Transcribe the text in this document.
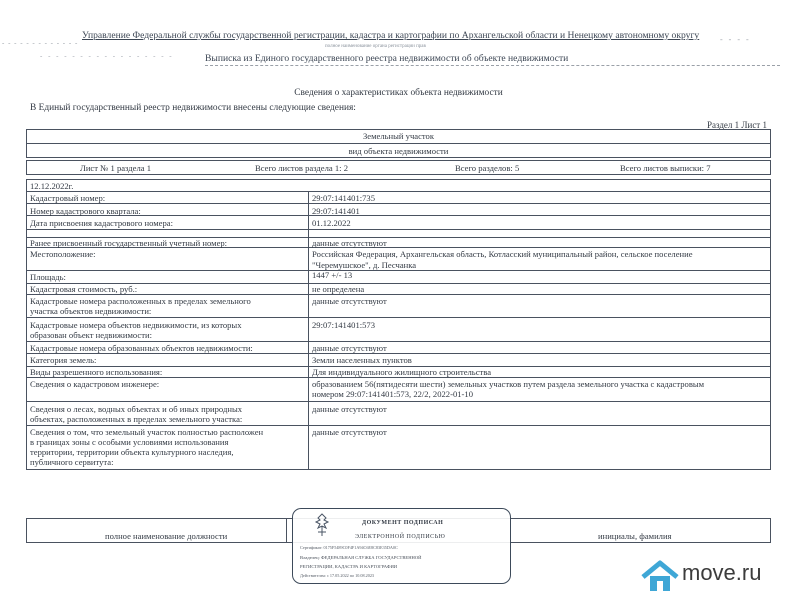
- - - - - - - - - - - - -
Управление Федеральной службы государственной регистрации, кадастра и картографии по Архангельской области и Ненецкому автономному округу	- - - -
полное наименование органа регистрации прав
- - - - - - - - - - - - - - - - -	Выписка из Единого государственного реестра недвижимости об объекте недвижимости
Сведения о характеристиках объекта недвижимости
В Единый государственный реестр недвижимости внесены следующие сведения:
Раздел 1 Лист 1
Земельный участок
вид объекта недвижимости
Лист № 1 раздела 1	Всего листов раздела 1: 2	Всего разделов: 5	Всего листов выписки: 7
12.12.2022г.
Кадастровый номер:	29:07:141401:735
Номер кадастрового квартала:	29:07:141401
Дата присвоения кадастрового номера:	01.12.2022
Ранее присвоенный государственный учетный номер:	данные отсутствуют
Местоположение:	Российская Федерация, Архангельская область, Котласский муниципальный район, сельское поселение
"Черемушское", д. Песчанка
Площадь:	1447 +/- 13
Кадастровая стоимость, руб.:	не определена
Кадастровые номера расположенных в пределах земельного
участка объектов недвижимости:
данные отсутствуют
Кадастровые номера объектов недвижимости, из которых
образован объект недвижимости:
29:07:141401:573
Кадастровые номера образованных объектов недвижимости:	данные отсутствуют
Категория земель:	Земли населенных пунктов
Виды разрешенного использования:	Для индивидуального жилищного строительства
Сведения о кадастровом инженере:	образованием 56(пятидесяти шести) земельных участков путем раздела земельного участка с кадастровым
номером 29:07:141401:573, 22/2, 2022-01-10
Сведения о лесах, водных объектах и об иных природных
объектах, расположенных в пределах земельного участка:
данные отсутствуют
Сведения о том, что земельный участок полностью расположен
в границах зоны с особыми условиями использования
территории, территории объекта культурного наследия,
публичного сервитута:
данные отсутствуют
полное наименование должности	инициалы, фамилия
ДОКУМЕНТ ПОДПИСАН
ЭЛЕКТРОННОЙ ПОДПИСЬЮ
Сертификат: 0175F5489C0F4F1A94C6E8C83E35DA0C
Владелец: ФЕДЕРАЛЬНАЯ СЛУЖБА ГОСУДАРСТВЕННОЙ
РЕГИСТРАЦИИ, КАДАСТРА И КАРТОГРАФИИ
Действителен: с 17.05.2022 по 10.08.2023	move.ru
